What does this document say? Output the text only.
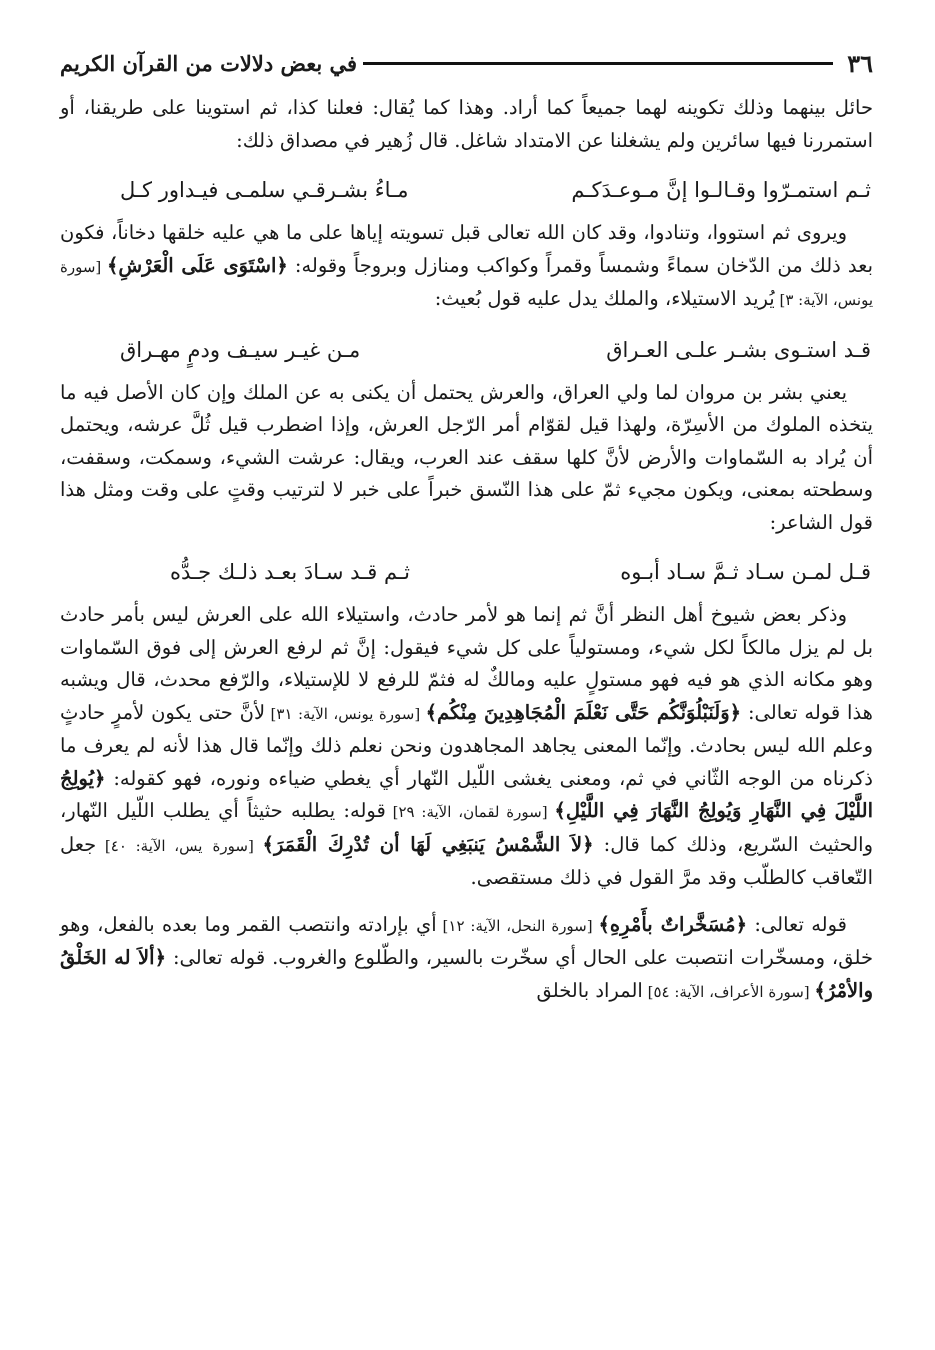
٣٦
في بعض دلالات من القرآن الكريم

حائل بينهما وذلك تكوينه لهما جميعاً كما أراد. وهذا كما يُقال: فعلنا كذا، ثم استوينا على طريقنا، أو استمررنا فيها سائرين ولم يشغلنا عن الامتداد شاغل. قال زُهير في مصداق ذلك:

ثـم استمـرّوا وقـالـوا إنَّ مـوعـدَكـم
مـاءُ بشـرقـي سلمـى فيـداور كـل

ويروى ثم استووا، وتنادوا، وقد كان الله تعالى قبل تسويته إياها على ما هي عليه خلقها دخاناً، فكون بعد ذلك من الدّخان سماءً وشمساً وقمراً وكواكب ومنازل وبروجاً وقوله: ﴿اسْتَوَى عَلَى الْعَرْشِ﴾ [سورة يونس، الآية: ٣] يُريد الاستيلاء، والملك يدل عليه قول بُعيث:

قـد استـوى بشـر علـى العـراق
مـن غيـر سيـف ودمٍ مهـراق

يعني بشر بن مروان لما ولي العراق، والعرش يحتمل أن يكنى به عن الملك وإن كان الأصل فيه ما يتخذه الملوك من الأسِرّة، ولهذا قيل لقوّام أمر الرّجل العرش، وإذا اضطرب قيل ثُلَّ عرشه، ويحتمل أن يُراد به السّماوات والأرض لأنَّ كلها سقف عند العرب، ويقال: عرشت الشيء، وسمكت، وسقفت، وسطحته بمعنى، ويكون مجيء ثمّ على هذا النّسق خبراً على خبر لا لترتيب وقتٍ على وقت ومثل هذا قول الشاعر:

قـل لمـن سـاد ثـمَّ سـاد أبـوه
ثـم قـد سـادَ بعـد ذلـك جـدُّه

وذكر بعض شيوخ أهل النظر أنَّ ثم إنما هو لأمر حادث، واستيلاء الله على العرش ليس بأمر حادث بل لم يزل مالكاً لكل شيء، ومستولياً على كل شيء فيقول: إنَّ ثم لرفع العرش إلى فوق السّماوات وهو مكانه الذي هو فيه فهو مستولٍ عليه ومالكٌ له فثمّ للرفع لا للإستيلاء، والرّفع محدث، قال ويشبه هذا قوله تعالى: ﴿وَلَنَبْلُوَنَّكُم حَتَّى نَعْلَمَ الْمُجَاهِدِينَ مِنْكُم﴾ [سورة يونس، الآية: ٣١] لأنَّ حتى يكون لأمرٍ حادثٍ وعلم الله ليس بحادث. وإنّما المعنى يجاهد المجاهدون ونحن نعلم ذلك وإنّما قال هذا لأنه لم يعرف ما ذكرناه من الوجه الثّاني في ثم، ومعنى يغشى اللّيل النّهار أي يغطي ضياءه ونوره، فهو كقوله: ﴿يُولِجُ اللَّيْلَ فِي النَّهَارِ وَيُولِجُ النَّهَارَ فِي اللَّيْلِ﴾ [سورة لقمان، الآية: ٢٩] قوله: يطلبه حثيثاً أي يطلب اللّيل النّهار، والحثيث السّريع، وذلك كما قال: ﴿لاَ الشَّمْسُ يَنبَغِي لَهَا أن تُدْرِكَ الْقَمَرَ﴾ [سورة يس، الآية: ٤٠] جعل التّعاقب كالطلّب وقد مرَّ القول في ذلك مستقصى.

قوله تعالى: ﴿مُسَخَّراتٌ بأَمْرِهِ﴾ [سورة النحل، الآية: ١٢] أي بإرادته وانتصب القمر وما بعده بالفعل، وهو خلق، ومسخّرات انتصبت على الحال أي سخّرت بالسير، والطّلوع والغروب. قوله تعالى: ﴿ألاَ له الخَلْقُ والأمْرُ﴾ [سورة الأعراف، الآية: ٥٤] المراد بالخلق
